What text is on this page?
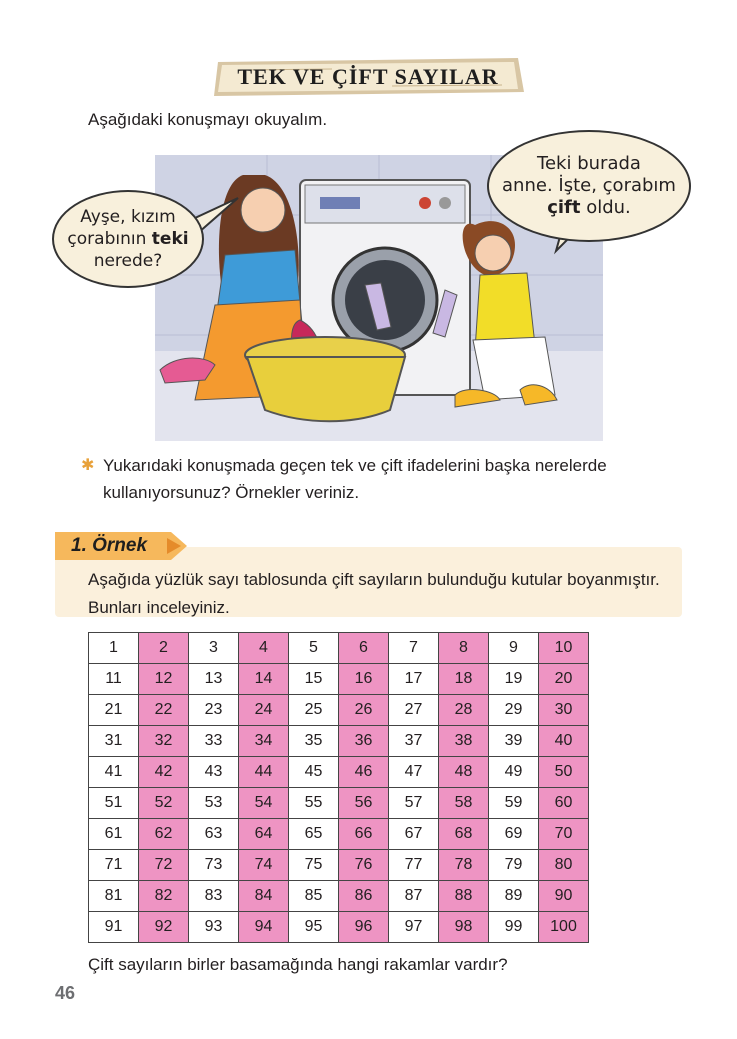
TEK VE ÇİFT SAYILAR
Aşağıdaki konuşmayı okuyalım.
Ayşe, kızım
çorabının teki
nerede?
Teki burada
anne. İşte, çorabım
çift oldu.
✱ Yukarıdaki konuşmada geçen tek ve çift ifadelerini başka nerelerde kullanıyorsunuz? Örnekler veriniz.
1. Örnek
Aşağıda yüzlük sayı tablosunda çift sayıların bulunduğu kutular boyanmıştır. Bunları inceleyiniz.
1	2	3	4	5	6	7	8	9	10
11	12	13	14	15	16	17	18	19	20
21	22	23	24	25	26	27	28	29	30
31	32	33	34	35	36	37	38	39	40
41	42	43	44	45	46	47	48	49	50
51	52	53	54	55	56	57	58	59	60
61	62	63	64	65	66	67	68	69	70
71	72	73	74	75	76	77	78	79	80
81	82	83	84	85	86	87	88	89	90
91	92	93	94	95	96	97	98	99	100
Çift sayıların birler basamağında hangi rakamlar vardır?
46
